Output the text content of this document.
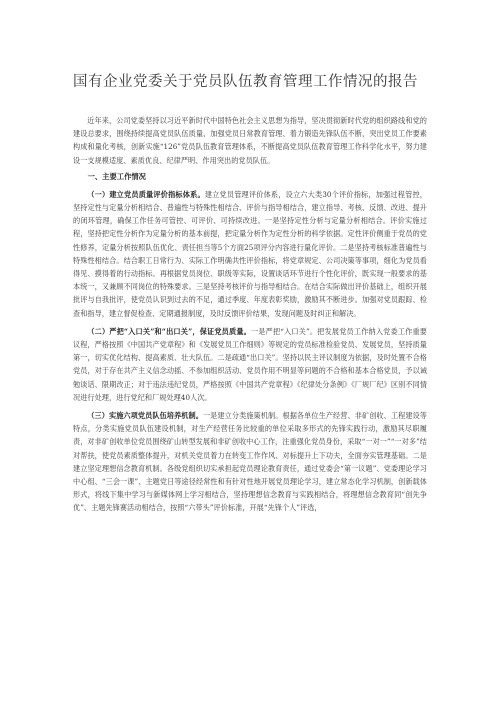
国有企业党委关于党员队伍教育管理工作情况的报告

近年来，公司党委坚持以习近平新时代中国特色社会主义思想为指导，坚决贯彻新时代党的组织路线和党的建设总要求，围绕持续提高党员队伍质量、加强党员日常教育管理、着力锻造先锋队伍不断，突出党员工作要素构成和量化考核，创新实施“126”党员队伍教育管理体系，不断提高党员队伍教育管理工作科学化水平，努力建设一支规模适度、素质优良、纪律严明、作用突出的党员队伍。

一、主要工作情况

（一）建立党员质量评价指标体系。建立党员管理评价体系，设立六大类30个评价指标，加强过程管控，坚持定性与定量分析相结合、普遍性与特殊性相结合、评价与指导相结合，建立指导、考核、反馈、改进、提升的闭环管理，确保工作任务可管控、可评价、可持续改进。一是坚持定性分析与定量分析相结合。评价实施过程，坚持把定性分析作为定量分析的基本前提，把定量分析作为定性分析的科学依据。定性评价侧重于党员的党性修养，定量分析按照队伍优化、责任担当等5个方面25项评分内容进行量化评价。二是坚持考核标准普遍性与特殊性相结合。结合职工日常行为、实际工作明确共性评价指标，将党章规定、公司决策等事项，细化为党员看得见、摸得着的行动指标。再根据党员岗位、职级等实际，设置谈话环节进行个性化评价，既实现一般要求的基本统一，又兼顾不同岗位的特殊要求。三是坚持考核评价与指导相结合。在结合实际做出评价基础上，组织开展批评与自我批评，使党员认识到过去的不足，通过季度、年度表彰奖励，激励其不断进步。加强对党员跟踪、检查和指导，建立督促检查、定期通报制度，及时反馈评价结果，发现问题及时纠正和解决。

（二）严把“入口关”和“出口关”，保证党员质量。一是严把“入口关”。把发展党员工作纳入党委工作重要议程，严格按照《中国共产党章程》和《发展党员工作细则》等规定的党员标准检验党员、发展党员，坚持质量第一，切实优化结构、提高素质、壮大队伍。二是疏通“出口关”。坚持以民主评议制度为依据，及时处置不合格党员，对于存在共产主义信念动摇、不参加组织活动、党员作用不明显等问题的不合格和基本合格党员，予以诫勉谈话、限期改正；对于违法违纪党员，严格按照《中国共产党章程》《纪律处分条例》《厂规厂纪》区别不同情况进行处理，进行党纪和厂规处理40人次。

（三）实施六项党员队伍培养机制。一是建立分类施策机制。根据各单位生产经营、非矿创收、工程建设等特点，分类实施党员队伍建设机制，对生产经营任务比较重的单位采取多形式的先锋实践行动，激励其尽职履责，对非矿创收单位党员围绕矿山转型发展和非矿创收中心工作，注重强化党员身份，采取“一对一”“一对多”结对帮扶，使党员素质整体提升，对机关党员着力在转变工作作风、对标提升上下功夫，全面夯实管理基础。二是建立坚定理想信念教育机制。各级党组织切实承担起党员理论教育责任，通过党委会“第一议题”、党委理论学习中心组、“三会一课”、主题党日等途径经常性和有针对性地开展党员理论学习，建立常态化学习机制，创新载体形式，将线下集中学习与新媒体网上学习相结合，坚持理想信念教育与实践相结合，将理想信念教育同“创先争优”、主题先锋赛活动相结合，按照“六带头”评价标准，开展“先锋个人”评选，
